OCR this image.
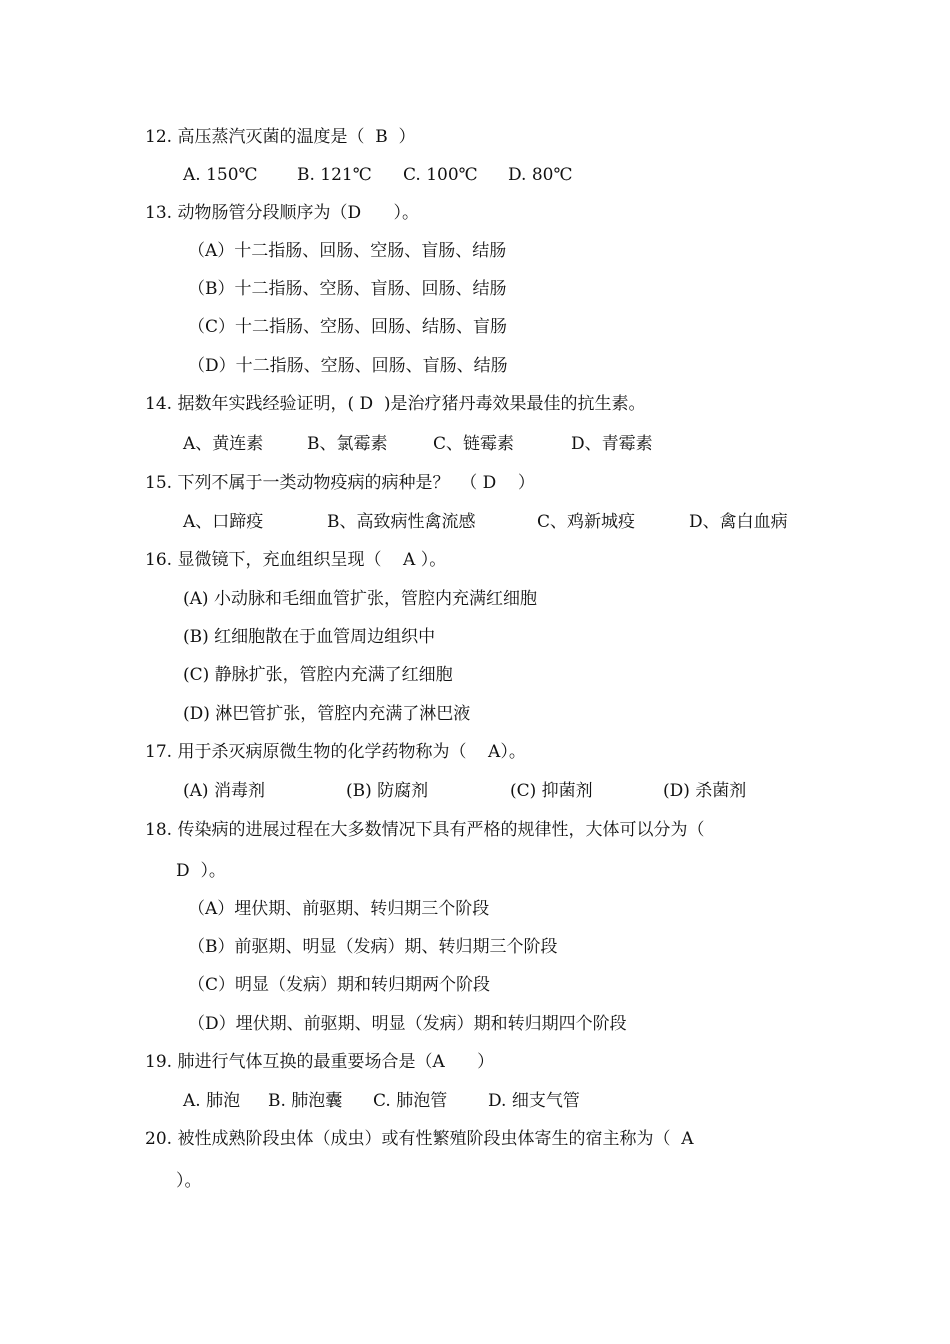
12. 高压蒸汽灭菌的温度是（  B  ）
A. 150℃ B. 121℃ C. 100℃ D. 80℃
13. 动物肠管分段顺序为（D      ）。
（A）十二指肠、回肠、空肠、盲肠、结肠
（B）十二指肠、空肠、盲肠、回肠、结肠
（C）十二指肠、空肠、回肠、结肠、盲肠
（D）十二指肠、空肠、回肠、盲肠、结肠
14. 据数年实践经验证明，( D  )是治疗猪丹毒效果最佳的抗生素。
A、黄连素	B、氯霉素	C、链霉素	D、青霉素
15. 下列不属于一类动物疫病的病种是？  （ D    ）
A、口蹄疫	B、高致病性禽流感	C、鸡新城疫	D、禽白血病
16. 显微镜下，充血组织呈现（    A ）。
(A) 小动脉和毛细血管扩张，管腔内充满红细胞
(B) 红细胞散在于血管周边组织中
(C) 静脉扩张，管腔内充满了红细胞
(D) 淋巴管扩张，管腔内充满了淋巴液
17. 用于杀灭病原微生物的化学药物称为（    A）。
(A) 消毒剂	(B) 防腐剂	(C) 抑菌剂	(D) 杀菌剂
18. 传染病的进展过程在大多数情况下具有严格的规律性，大体可以分为（
D  ）。
（A）埋伏期、前驱期、转归期三个阶段
（B）前驱期、明显（发病）期、转归期三个阶段
（C）明显（发病）期和转归期两个阶段
（D）埋伏期、前驱期、明显（发病）期和转归期四个阶段
19. 肺进行气体互换的最重要场合是（A      ）
A. 肺泡 B. 肺泡囊 C. 肺泡管 D. 细支气管
20. 被性成熟阶段虫体（成虫）或有性繁殖阶段虫体寄生的宿主称为（  A
）。
